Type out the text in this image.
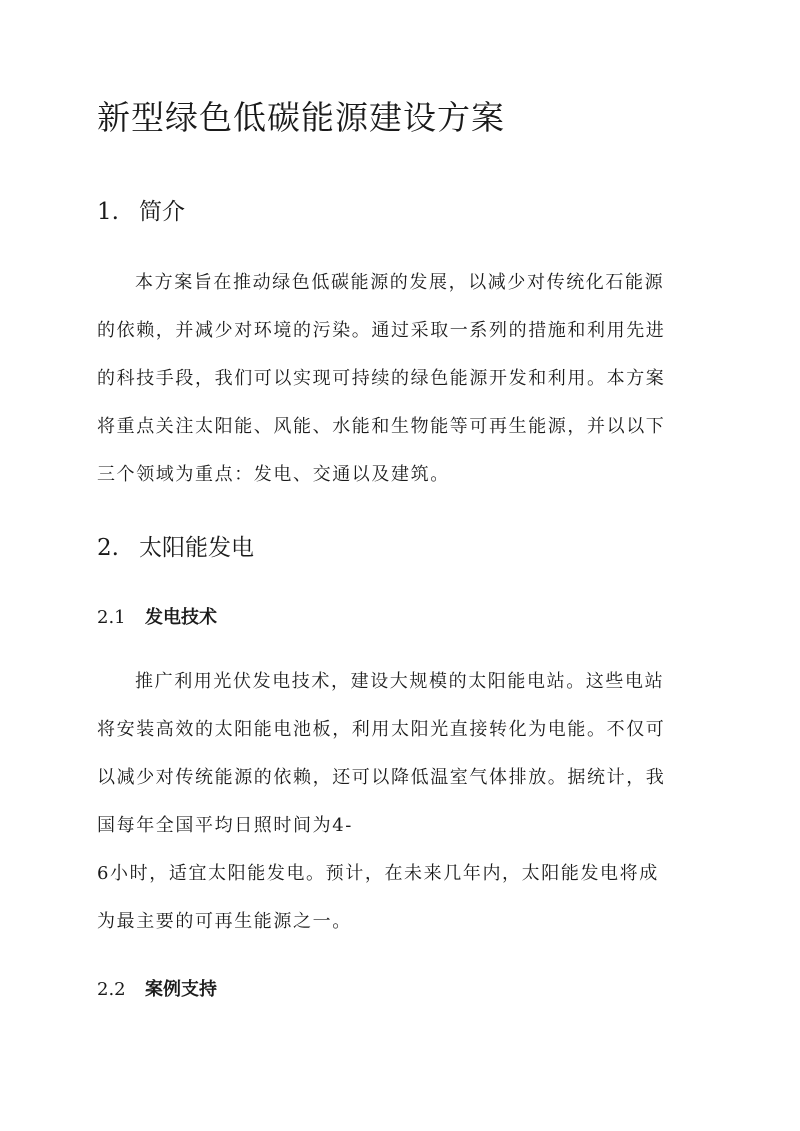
新型绿色低碳能源建设方案
1. 简介
本方案旨在推动绿色低碳能源的发展，以减少对传统化石能源
的依赖，并减少对环境的污染。通过采取一系列的措施和利用先进
的科技手段，我们可以实现可持续的绿色能源开发和利用。本方案
将重点关注太阳能、风能、水能和生物能等可再生能源，并以以下
三个领域为重点：发电、交通以及建筑。
2. 太阳能发电
2.1 发电技术
推广利用光伏发电技术，建设大规模的太阳能电站。这些电站
将安装高效的太阳能电池板，利用太阳光直接转化为电能。不仅可
以减少对传统能源的依赖，还可以降低温室气体排放。据统计，我
国每年全国平均日照时间为4-
6小时，适宜太阳能发电。预计，在未来几年内，太阳能发电将成
为最主要的可再生能源之一。
2.2 案例支持
